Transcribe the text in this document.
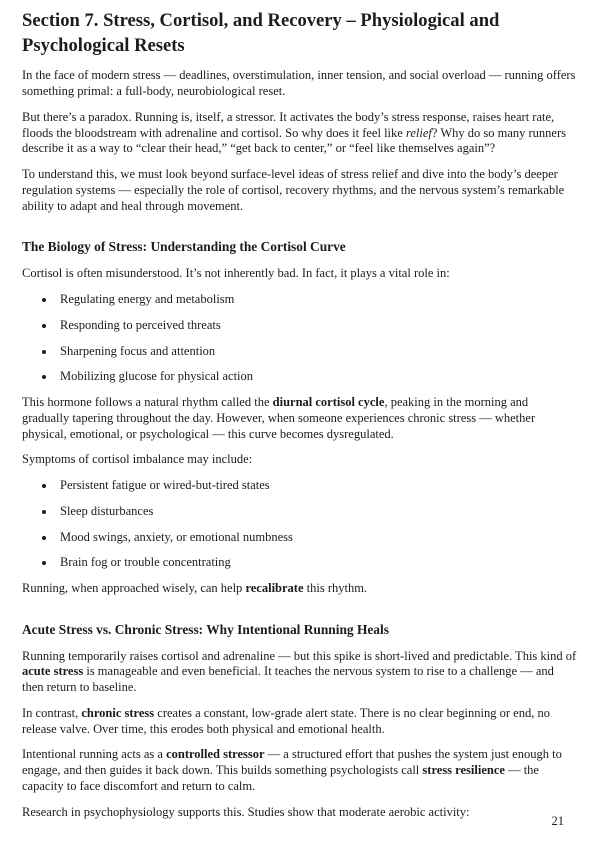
Section 7. Stress, Cortisol, and Recovery – Physiological and Psychological Resets

In the face of modern stress — deadlines, overstimulation, inner tension, and social overload — running offers something primal: a full-body, neurobiological reset.

But there’s a paradox. Running is, itself, a stressor. It activates the body’s stress response, raises heart rate, floods the bloodstream with adrenaline and cortisol. So why does it feel like relief? Why do so many runners describe it as a way to “clear their head,” “get back to center,” or “feel like themselves again”?

To understand this, we must look beyond surface-level ideas of stress relief and dive into the body’s deeper regulation systems — especially the role of cortisol, recovery rhythms, and the nervous system’s remarkable ability to adapt and heal through movement.

The Biology of Stress: Understanding the Cortisol Curve

Cortisol is often misunderstood. It’s not inherently bad. In fact, it plays a vital role in:

• Regulating energy and metabolism
• Responding to perceived threats
• Sharpening focus and attention
• Mobilizing glucose for physical action

This hormone follows a natural rhythm called the diurnal cortisol cycle, peaking in the morning and gradually tapering throughout the day. However, when someone experiences chronic stress — whether physical, emotional, or psychological — this curve becomes dysregulated.

Symptoms of cortisol imbalance may include:

• Persistent fatigue or wired-but-tired states
• Sleep disturbances
• Mood swings, anxiety, or emotional numbness
• Brain fog or trouble concentrating

Running, when approached wisely, can help recalibrate this rhythm.

Acute Stress vs. Chronic Stress: Why Intentional Running Heals

Running temporarily raises cortisol and adrenaline — but this spike is short-lived and predictable. This kind of acute stress is manageable and even beneficial. It teaches the nervous system to rise to a challenge — and then return to baseline.

In contrast, chronic stress creates a constant, low-grade alert state. There is no clear beginning or end, no release valve. Over time, this erodes both physical and emotional health.

Intentional running acts as a controlled stressor — a structured effort that pushes the system just enough to engage, and then guides it back down. This builds something psychologists call stress resilience — the capacity to face discomfort and return to calm.

Research in psychophysiology supports this. Studies show that moderate aerobic activity:

21
